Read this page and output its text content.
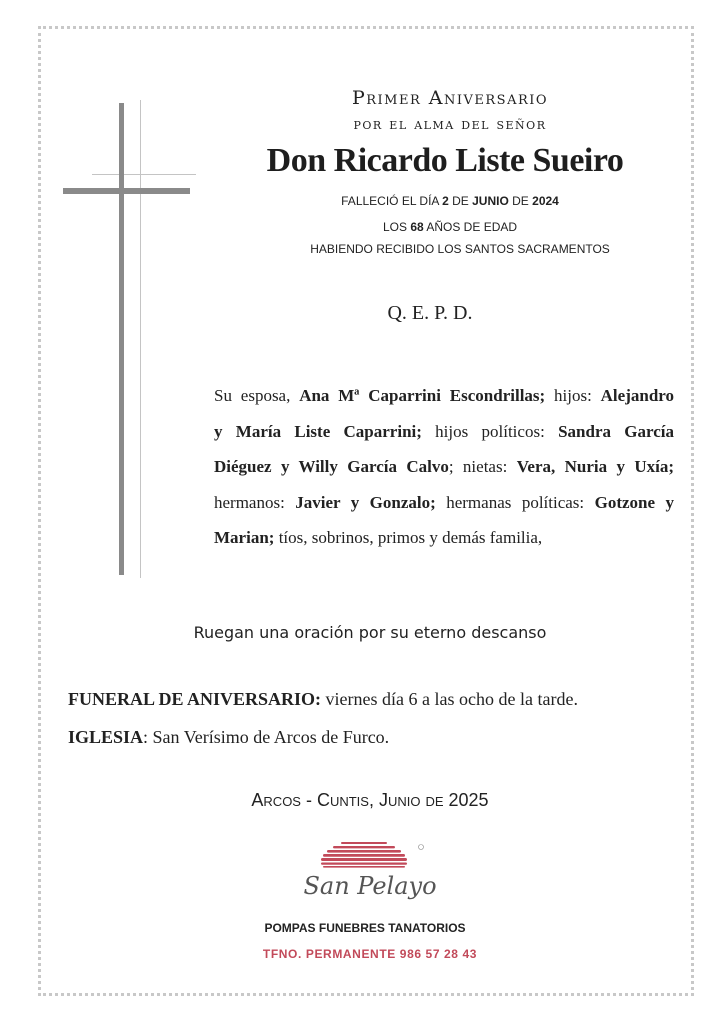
Primer Aniversario
por el alma del señor
Don Ricardo Liste Sueiro
FALLECIÓ EL DÍA 2 DE JUNIO DE 2024
LOS 68 AÑOS DE EDAD
HABIENDO RECIBIDO LOS SANTOS SACRAMENTOS
Q. E. P. D.

Su esposa, Ana Mª Caparrini Escondrillas; hijos: Alejandro

y María Liste Caparrini; hijos políticos: Sandra García

Diéguez y Willy García Calvo; nietas: Vera, Nuria y Uxía;

hermanos: Javier y Gonzalo; hermanas políticas: Gotzone y

Marian; tíos, sobrinos, primos y demás familia,

Ruegan una oración por su eterno descanso
FUNERAL DE ANIVERSARIO: viernes día 6 a las ocho de la tarde.
IGLESIA: San Verísimo de Arcos de Furco.
Arcos - Cuntis, Junio de 2025
San Pelayo
POMPAS FUNEBRES TANATORIOS
TFNO. PERMANENTE 986 57 28 43
